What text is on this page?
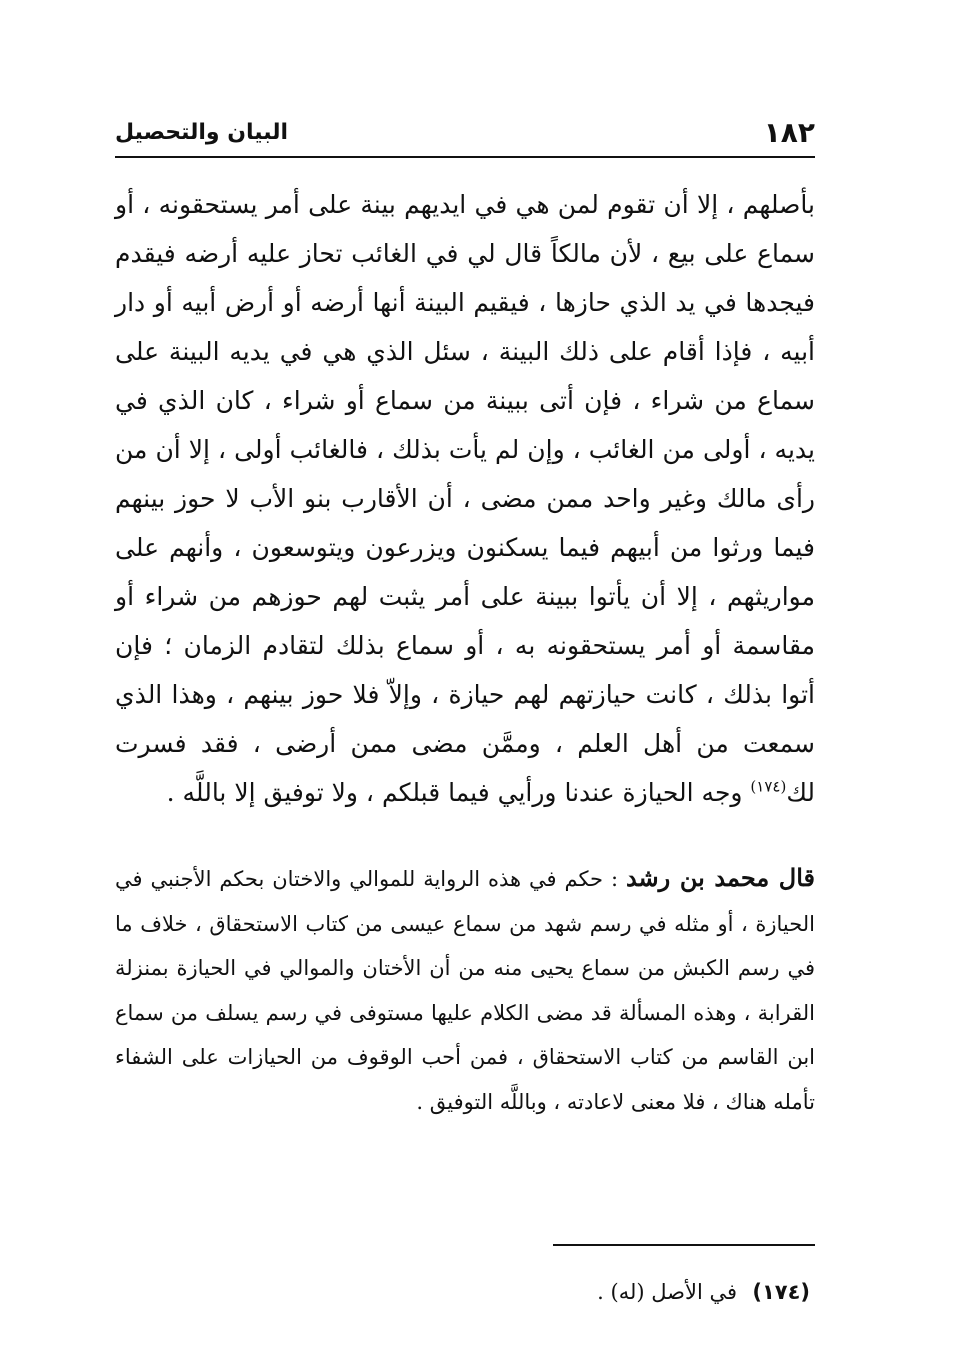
١٨٢
البيان والتحصيل

بأصلهم ، إلا أن تقوم لمن هي في ايديهم بينة على أمر يستحقونه ، أو سماع على بيع ، لأن مالكاً قال لي في الغائب تحاز عليه أرضه فيقدم فيجدها في يد الذي حازها ، فيقيم البينة أنها أرضه أو أرض أبيه أو دار أبيه ، فإذا أقام على ذلك البينة ، سئل الذي هي في يديه البينة على سماع من شراء ، فإن أتى ببينة من سماع أو شراء ، كان الذي في يديه ، أولى من الغائب ، وإن لم يأت بذلك ، فالغائب أولى ، إلا أن من رأى مالك وغير واحد ممن مضى ، أن الأقارب بنو الأب لا حوز بينهم فيما ورثوا من أبيهم فيما يسكنون ويزرعون ويتوسعون ، وأنهم على مواريثهم ، إلا أن يأتوا ببينة على أمر يثبت لهم حوزهم من شراء أو مقاسمة أو أمر يستحقونه به ، أو سماع بذلك لتقادم الزمان ؛ فإن أتوا بذلك ، كانت حيازتهم لهم حيازة ، وإلاّ فلا حوز بينهم ، وهذا الذي سمعت من أهل العلم ، وممَّن مضى ممن أرضى ، فقد فسرت لك$^{(١٧٤)}$ وجه الحيازة عندنا ورأيي فيما قبلكم ، ولا توفيق إلا باللَّه .

قال محمد بن رشد : حكم في هذه الرواية للموالي والاختان بحكم الأجنبي في الحيازة ، أو مثله في رسم شهد من سماع عيسى من كتاب الاستحقاق ، خلاف ما في رسم الكبش من سماع يحيى منه من أن الأختان والموالي في الحيازة بمنزلة القرابة ، وهذه المسألة قد مضى الكلام عليها مستوفى في رسم يسلف من سماع ابن القاسم من كتاب الاستحقاق ، فمن أحب الوقوف من الحيازات على الشفاء تأمله هناك ، فلا معنى لاعادته ، وباللَّه التوفيق .

(١٧٤) في الأصل (له) .
